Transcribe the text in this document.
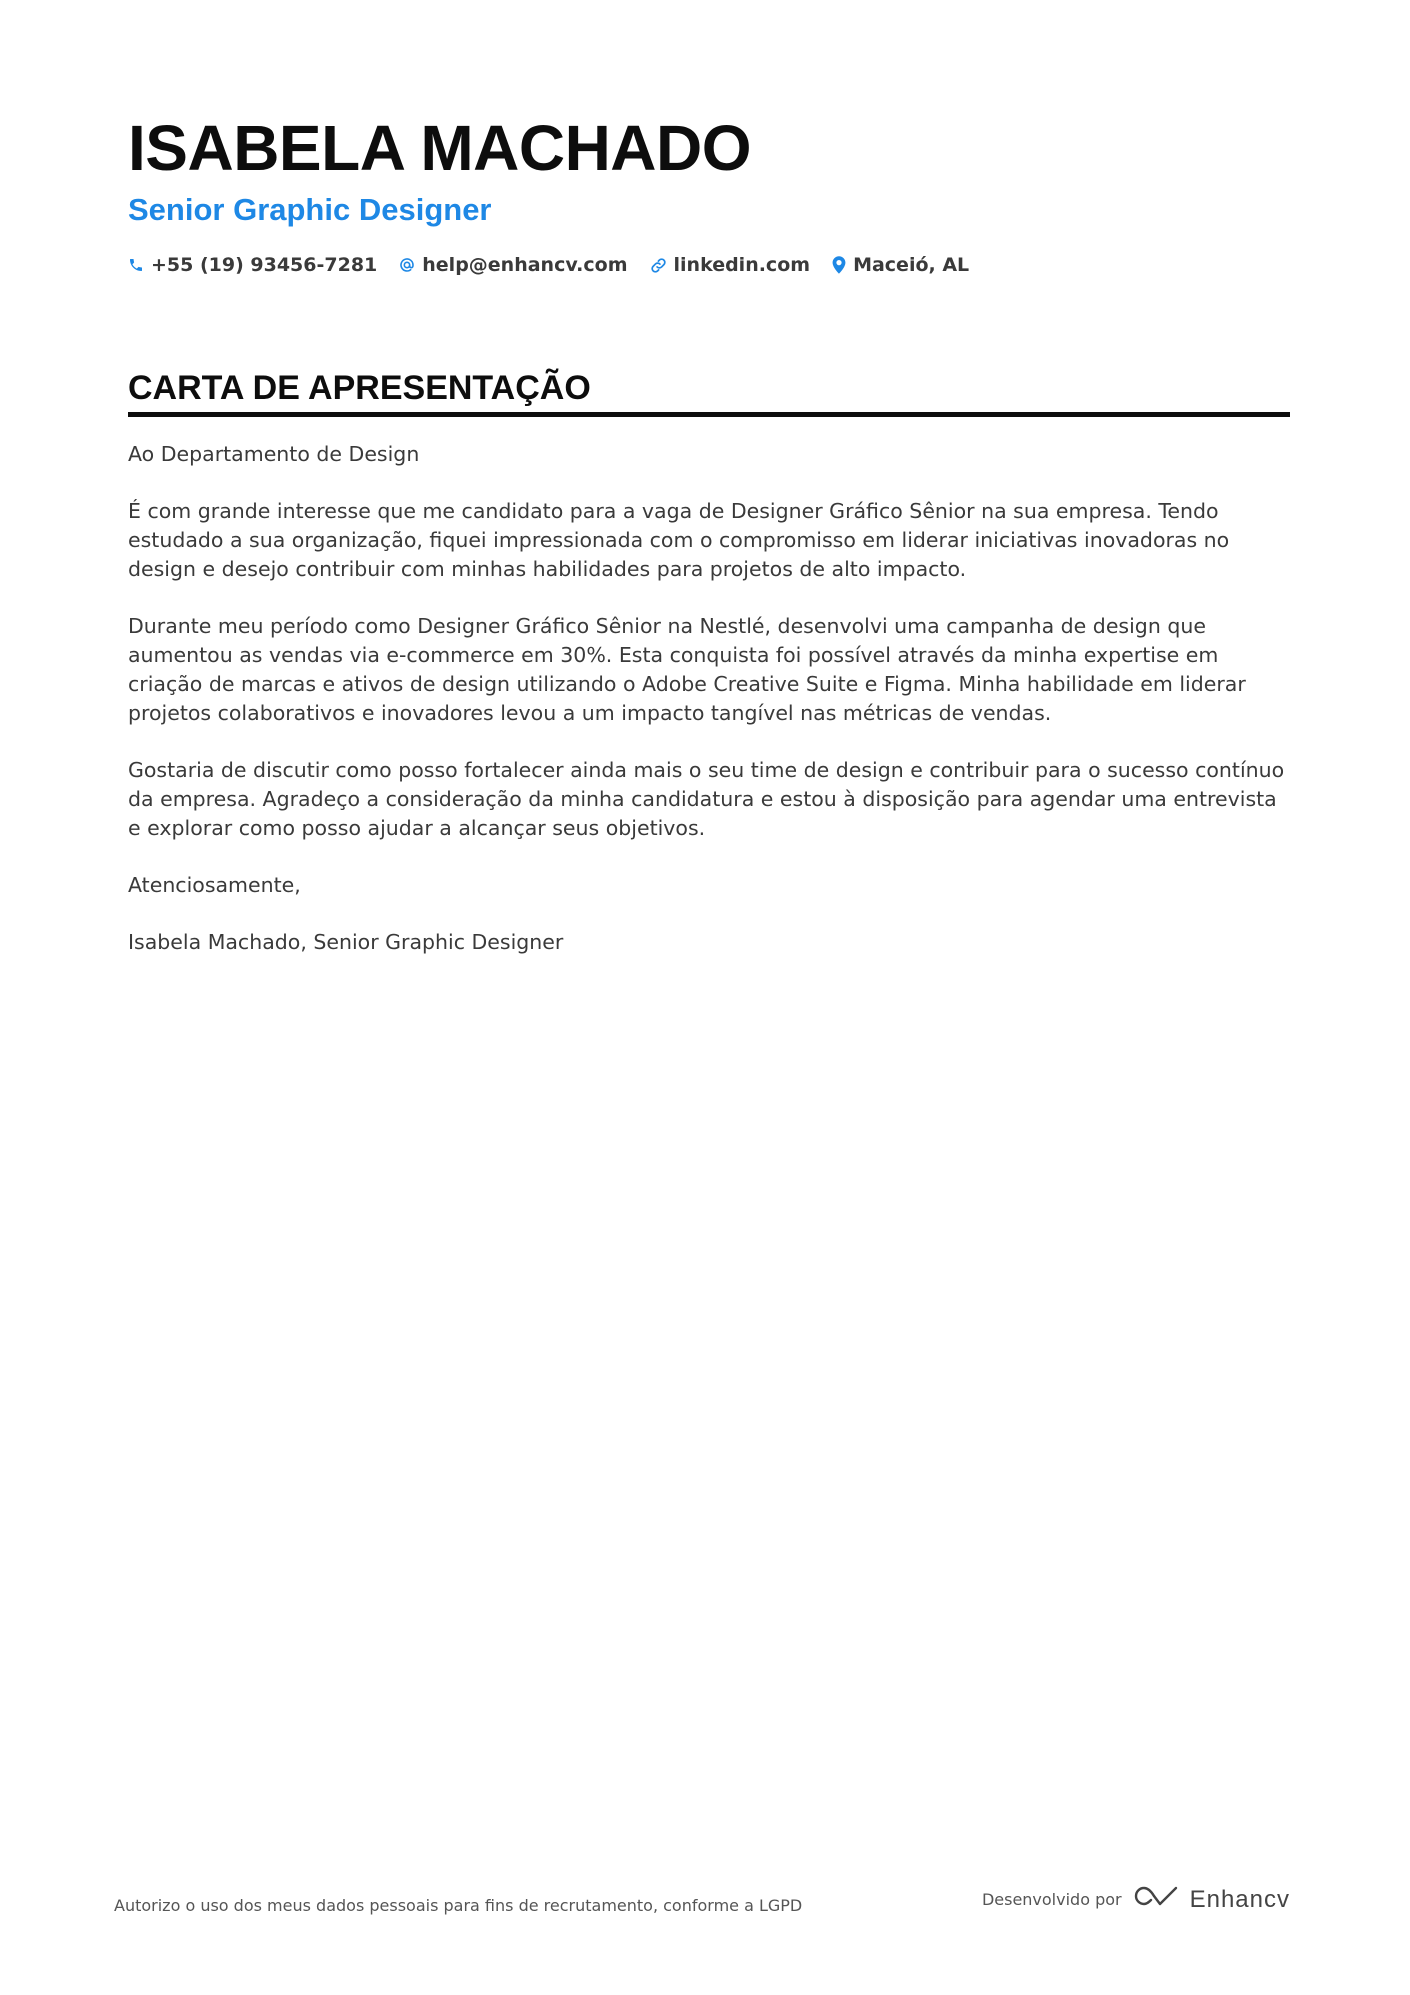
ISABELA MACHADO
Senior Graphic Designer
+55 (19) 93456-7281 help@enhancv.com linkedin.com Maceió, AL
CARTA DE APRESENTAÇÃO

Ao Departamento de Design

É com grande interesse que me candidato para a vaga de Designer Gráfico Sênior na sua empresa. Tendo estudado a sua organização, fiquei impressionada com o compromisso em liderar iniciativas inovadoras no design e desejo contribuir com minhas habilidades para projetos de alto impacto.

Durante meu período como Designer Gráfico Sênior na Nestlé, desenvolvi uma campanha de design que aumentou as vendas via e-commerce em 30%. Esta conquista foi possível através da minha expertise em criação de marcas e ativos de design utilizando o Adobe Creative Suite e Figma. Minha habilidade em liderar projetos colaborativos e inovadores levou a um impacto tangível nas métricas de vendas.

Gostaria de discutir como posso fortalecer ainda mais o seu time de design e contribuir para o sucesso contínuo da empresa. Agradeço a consideração da minha candidatura e estou à disposição para agendar uma entrevista e explorar como posso ajudar a alcançar seus objetivos.

Atenciosamente,

Isabela Machado, Senior Graphic Designer

Autorizo o uso dos meus dados pessoais para fins de recrutamento, conforme a LGPD	Desenvolvido por	Enhancv
